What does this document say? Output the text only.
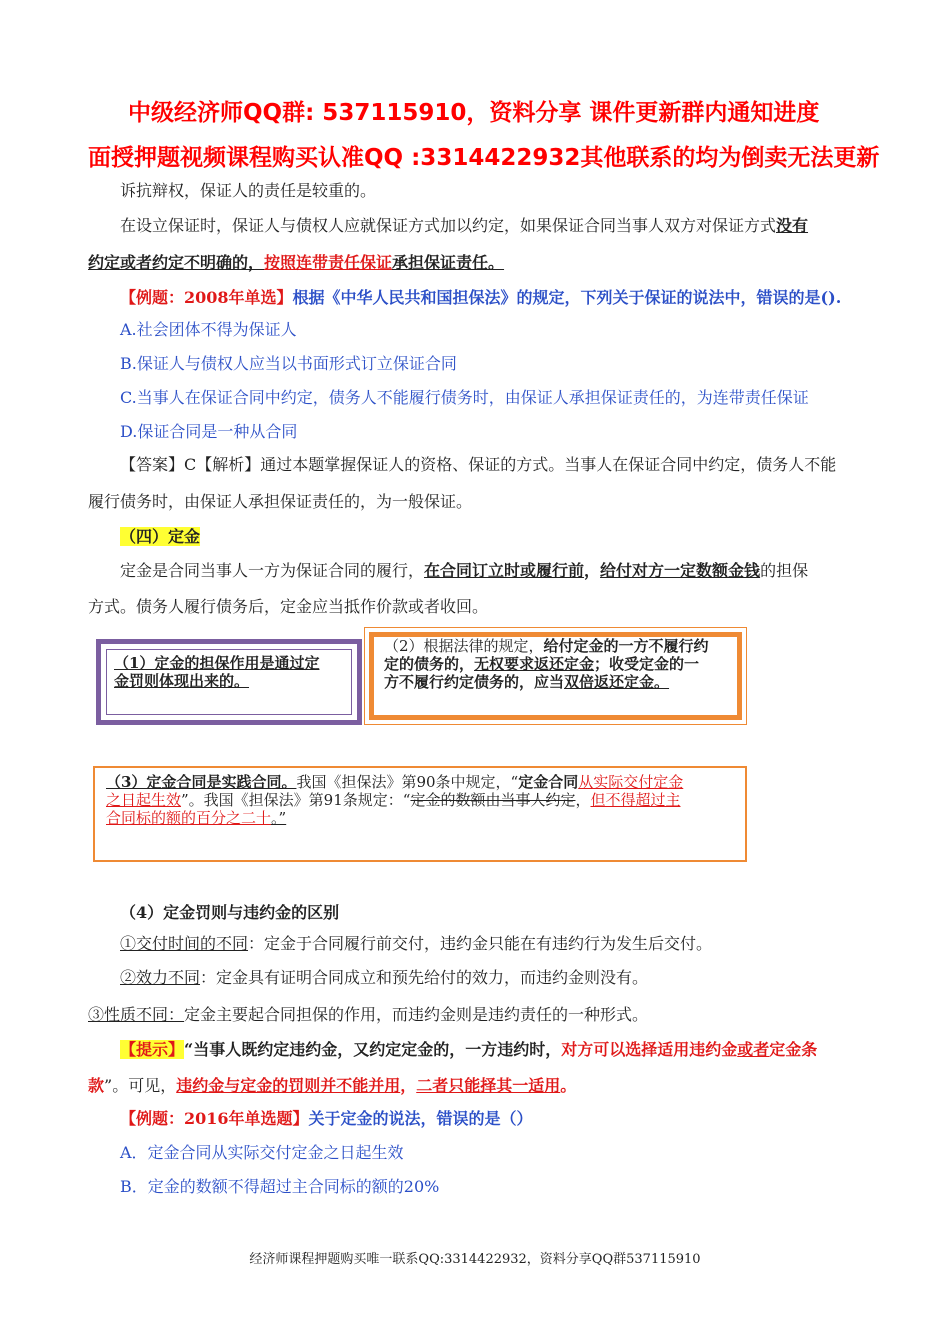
中级经济师QQ群: 537115910，资料分享 课件更新群内通知进度
面授押题视频课程购买认准QQ :3314422932其他联系的均为倒卖无法更新
诉抗辩权，保证人的责任是较重的。
在设立保证时，保证人与债权人应就保证方式加以约定，如果保证合同当事人双方对保证方式没有
约定或者约定不明确的，按照连带责任保证承担保证责任。
【例题：2008年单选】根据《中华人民共和国担保法》的规定，下列关于保证的说法中，错误的是().
A.社会团体不得为保证人
B.保证人与债权人应当以书面形式订立保证合同
C.当事人在保证合同中约定，债务人不能履行债务时，由保证人承担保证责任的，为连带责任保证
D.保证合同是一种从合同
【答案】C【解析】通过本题掌握保证人的资格、保证的方式。当事人在保证合同中约定，债务人不能
履行债务时，由保证人承担保证责任的，为一般保证。
（四）定金
定金是合同当事人一方为保证合同的履行，在合同订立时或履行前，给付对方一定数额金钱的担保
方式。债务人履行债务后，定金应当抵作价款或者收回。
（1）定金的担保作用是通过定
金罚则体现出来的。
（2）根据法律的规定，给付定金的一方不履行约
定的债务的，无权要求返还定金；收受定金的一
方不履行约定债务的，应当双倍返还定金。
（3）定金合同是实践合同。我国《担保法》第90条中规定，“定金合同从实际交付定金
之日起生效”。我国《担保法》第91条规定：“定金的数额由当事人约定，但不得超过主
合同标的额的百分之二十。”
（4）定金罚则与违约金的区别
①交付时间的不同：定金于合同履行前交付，违约金只能在有违约行为发生后交付。
②效力不同：定金具有证明合同成立和预先给付的效力，而违约金则没有。
③性质不同：定金主要起合同担保的作用，而违约金则是违约责任的一种形式。
【提示】“当事人既约定违约金，又约定定金的，一方违约时，对方可以选择适用违约金或者定金条
款”。可见，违约金与定金的罚则并不能并用，二者只能择其一适用。
【例题：2016年单选题】关于定金的说法，错误的是（）
A．定金合同从实际交付定金之日起生效
B．定金的数额不得超过主合同标的额的20%
经济师课程押题购买唯一联系QQ:3314422932，资料分享QQ群537115910
